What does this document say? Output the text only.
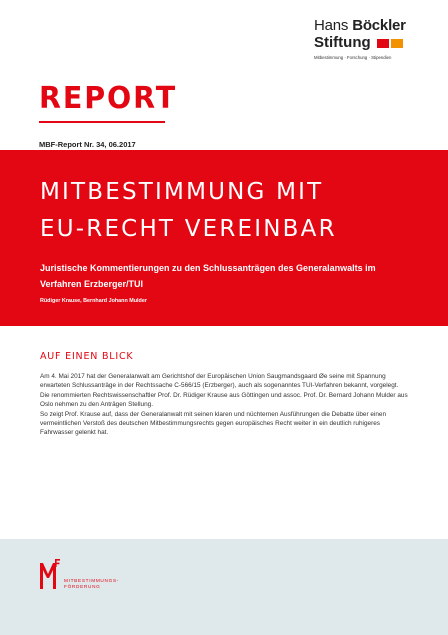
Hans Böckler
Stiftung
Mitbestimmung · Forschung · Stipendien
REPORT
MBF-Report Nr. 34, 06.2017
MITBESTIMMUNG MIT
EU-RECHT VEREINBAR

Juristische Kommentierungen zu den Schlussanträgen des Generalanwalts im Verfahren Erzberger/TUI

Rüdiger Krause, Bernhard Johann Mulder
AUF EINEN BLICK

Am 4. Mai 2017 hat der Generalanwalt am Gerichtshof der Europäischen Union Saugmandsgaard Øe seine mit Spannung erwarteten Schlussanträge in der Rechtssache C-566/15 (Erzberger), auch als sogenanntes TUI-Verfahren bekannt, vorgelegt.

Die renommierten Rechtswissenschaftler Prof. Dr. Rüdiger Krause aus Göttingen und assoc. Prof. Dr. Bernard Johann Mulder aus Oslo nehmen zu den Anträgen Stellung.

So zeigt Prof. Krause auf, dass der Generalanwalt mit seinen klaren und nüchternen Ausführungen die Debatte über einen vermeintlichen Verstoß des deutschen Mitbestimmungsrechts gegen europäisches Recht weiter in ein deutlich ruhigeres Fahrwasser gelenkt hat.

MITBESTIMMUNGS-
FÖRDERUNG
